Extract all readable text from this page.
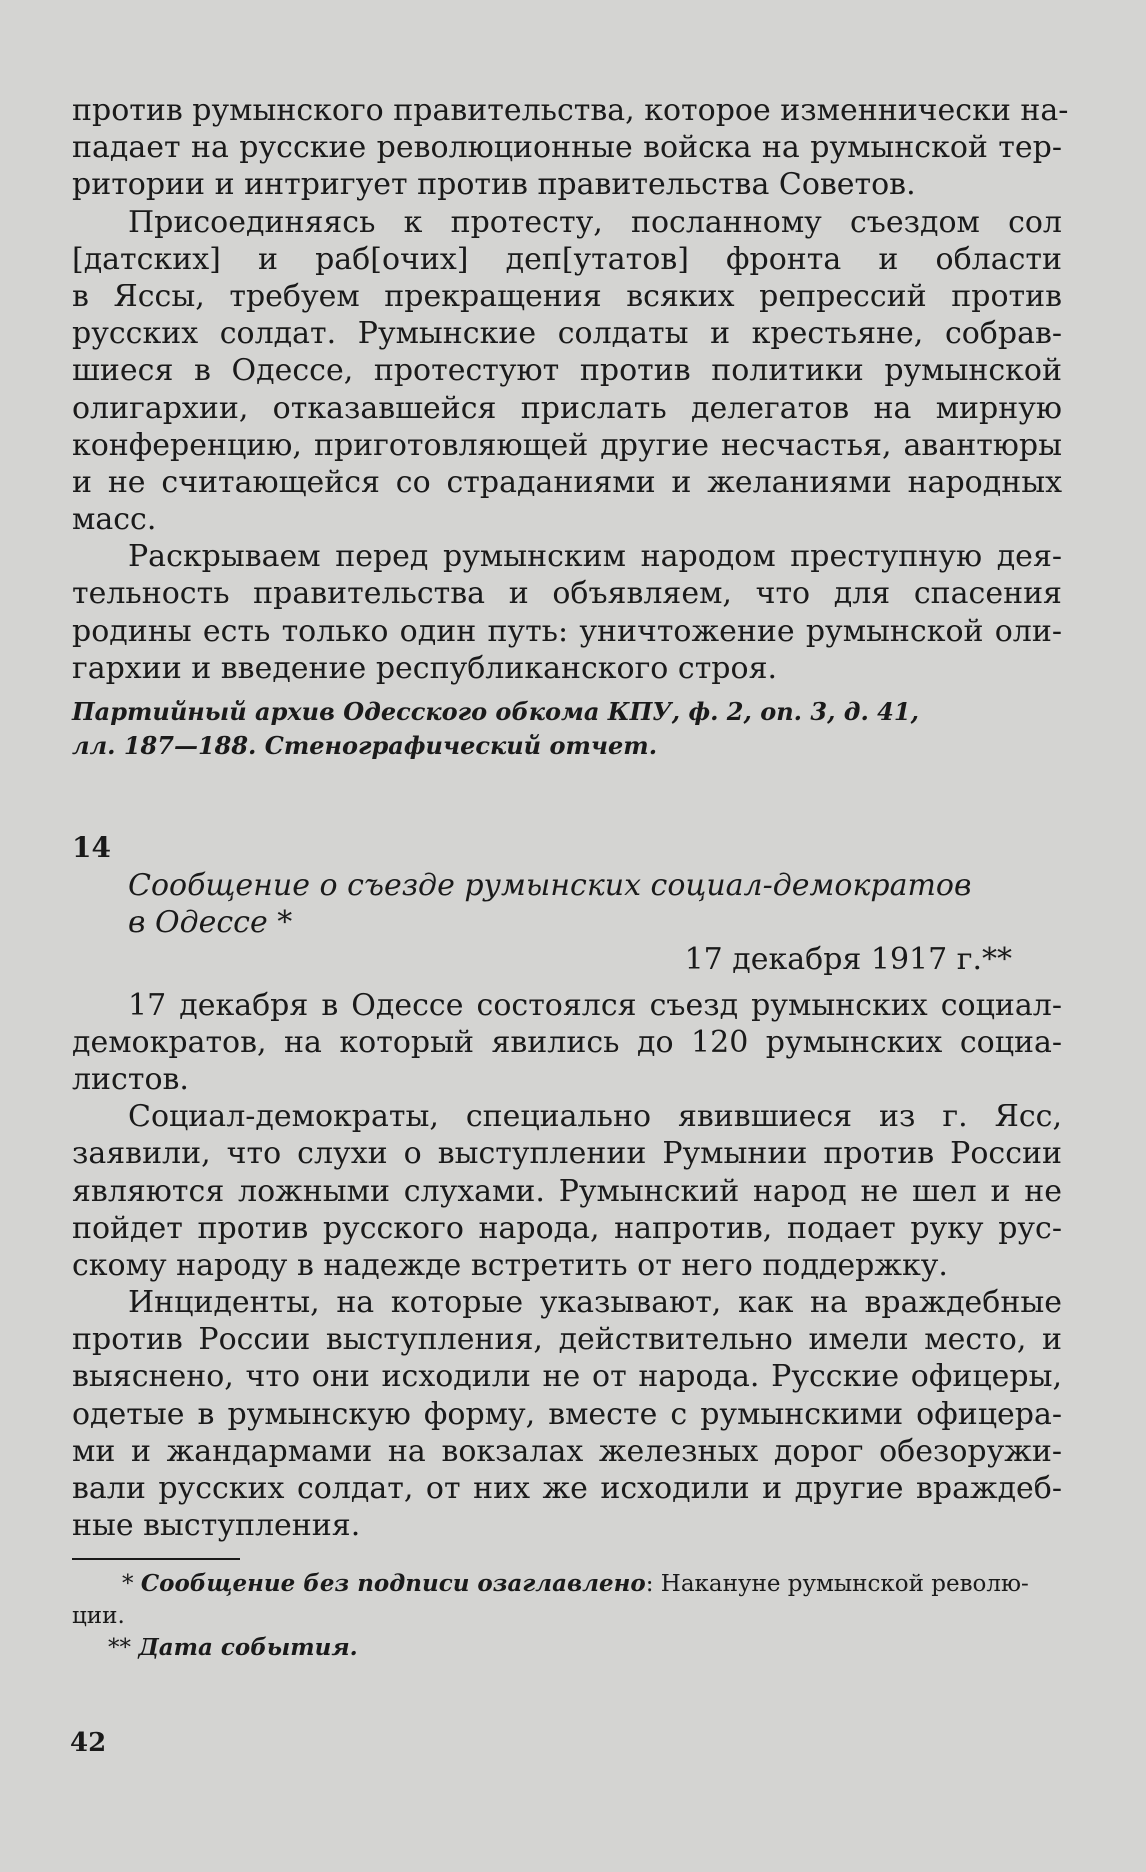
против румынского правительства, которое изменнически на-
падает на русские революционные войска на румынской тер-
ритории и интригует против правительства Советов.
Присоединяясь к протесту, посланному съездом сол
[датских] и раб[очих] деп[утатов] фронта и области
в Яссы, требуем прекращения всяких репрессий против
русских солдат. Румынские солдаты и крестьяне, собрав-
шиеся в Одессе, протестуют против политики румынской
олигархии, отказавшейся прислать делегатов на мирную
конференцию, приготовляющей другие несчастья, авантюры
и не считающейся со страданиями и желаниями народных
масс.
Раскрываем перед румынским народом преступную дея-
тельность правительства и объявляем, что для спасения
родины есть только один путь: уничтожение румынской оли-
гархии и введение республиканского строя.
Партийный архив Одесского обкома КПУ, ф. 2, оп. 3, д. 41,
лл. 187—188. Стенографический отчет.
14
Сообщение о съезде румынских социал-демократов
в Одессе *
17 декабря 1917 г.**
17 декабря в Одессе состоялся съезд румынских социал-
демократов, на который явились до 120 румынских социа-
листов.
Социал-демократы, специально явившиеся из г. Ясс,
заявили, что слухи о выступлении Румынии против России
являются ложными слухами. Румынский народ не шел и не
пойдет против русского народа, напротив, подает руку рус-
скому народу в надежде встретить от него поддержку.
Инциденты, на которые указывают, как на враждебные
против России выступления, действительно имели место, и
выяснено, что они исходили не от народа. Русские офицеры,
одетые в румынскую форму, вместе с румынскими офицера-
ми и жандармами на вокзалах железных дорог обезоружи-
вали русских солдат, от них же исходили и другие враждеб-
ные выступления.
* Сообщение без подписи озаглавлено: Накануне румынской револю-
ции.
** Дата события.
42
